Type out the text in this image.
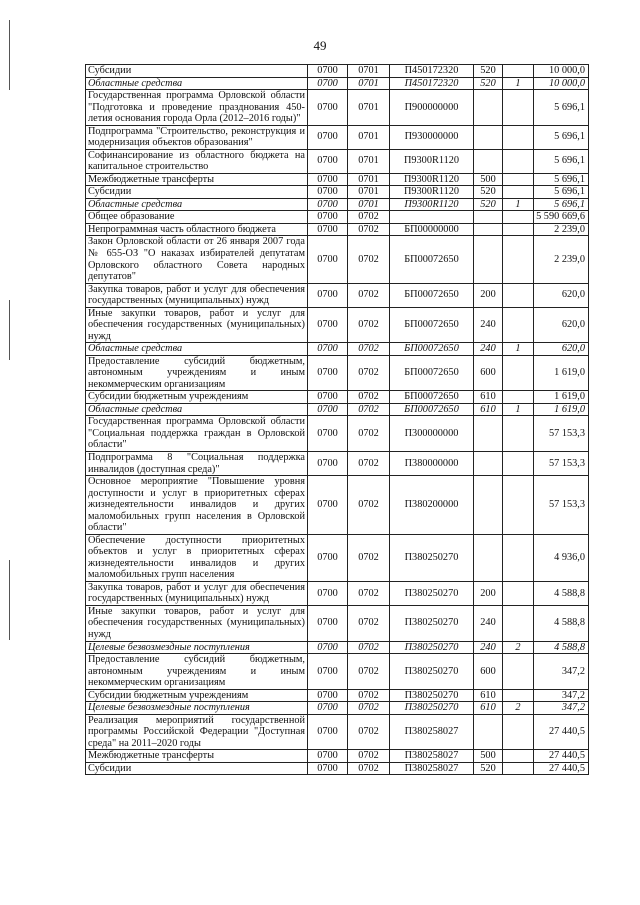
49
Субсидии	0700	0701	П450172320	520		10 000,0
Областные средства	0700	0701	П450172320	520	1	10 000,0
Государственная программа Орловской области "Подготовка и проведение празднования 450-летия основания города Орла (2012–2016 годы)"	0700	0701	П900000000			5 696,1
Подпрограмма "Строительство, реконструкция и модернизация объектов образования"	0700	0701	П930000000			5 696,1
Софинансирование из областного бюджета на капитальное строительство	0700	0701	П9300R1120			5 696,1
Межбюджетные трансферты	0700	0701	П9300R1120	500		5 696,1
Субсидии	0700	0701	П9300R1120	520		5 696,1
Областные средства	0700	0701	П9300R1120	520	1	5 696,1
Общее образование	0700	0702				5 590 669,6
Непрограммная часть областного бюджета	0700	0702	БП00000000			2 239,0
Закон Орловской области от 26 января 2007 года № 655-ОЗ "О наказах избирателей депутатам Орловского областного Совета народных депутатов"	0700	0702	БП00072650			2 239,0
Закупка товаров, работ и услуг для обеспечения государственных (муниципальных) нужд	0700	0702	БП00072650	200		620,0
Иные закупки товаров, работ и услуг для обеспечения государственных (муниципальных) нужд	0700	0702	БП00072650	240		620,0
Областные средства	0700	0702	БП00072650	240	1	620,0
Предоставление субсидий бюджетным, автономным учреждениям и иным некоммерческим организациям	0700	0702	БП00072650	600		1 619,0
Субсидии бюджетным учреждениям	0700	0702	БП00072650	610		1 619,0
Областные средства	0700	0702	БП00072650	610	1	1 619,0
Государственная программа Орловской области "Социальная поддержка граждан в Орловской области"	0700	0702	П300000000			57 153,3
Подпрограмма 8 "Социальная поддержка инвалидов (доступная среда)"	0700	0702	П380000000			57 153,3
Основное мероприятие "Повышение уровня доступности и услуг в приоритетных сферах жизнедеятельности инвалидов и других маломобильных групп населения в Орловской области"	0700	0702	П380200000			57 153,3
Обеспечение доступности приоритетных объектов и услуг в приоритетных сферах жизнедеятельности инвалидов и других маломобильных групп населения	0700	0702	П380250270			4 936,0
Закупка товаров, работ и услуг для обеспечения государственных (муниципальных) нужд	0700	0702	П380250270	200		4 588,8
Иные закупки товаров, работ и услуг для обеспечения государственных (муниципальных) нужд	0700	0702	П380250270	240		4 588,8
Целевые безвозмездные поступления	0700	0702	П380250270	240	2	4 588,8
Предоставление субсидий бюджетным, автономным учреждениям и иным некоммерческим организациям	0700	0702	П380250270	600		347,2
Субсидии бюджетным учреждениям	0700	0702	П380250270	610		347,2
Целевые безвозмездные поступления	0700	0702	П380250270	610	2	347,2
Реализация мероприятий государственной программы Российской Федерации "Доступная среда" на 2011–2020 годы	0700	0702	П380258027			27 440,5
Межбюджетные трансферты	0700	0702	П380258027	500		27 440,5
Субсидии	0700	0702	П380258027	520		27 440,5
